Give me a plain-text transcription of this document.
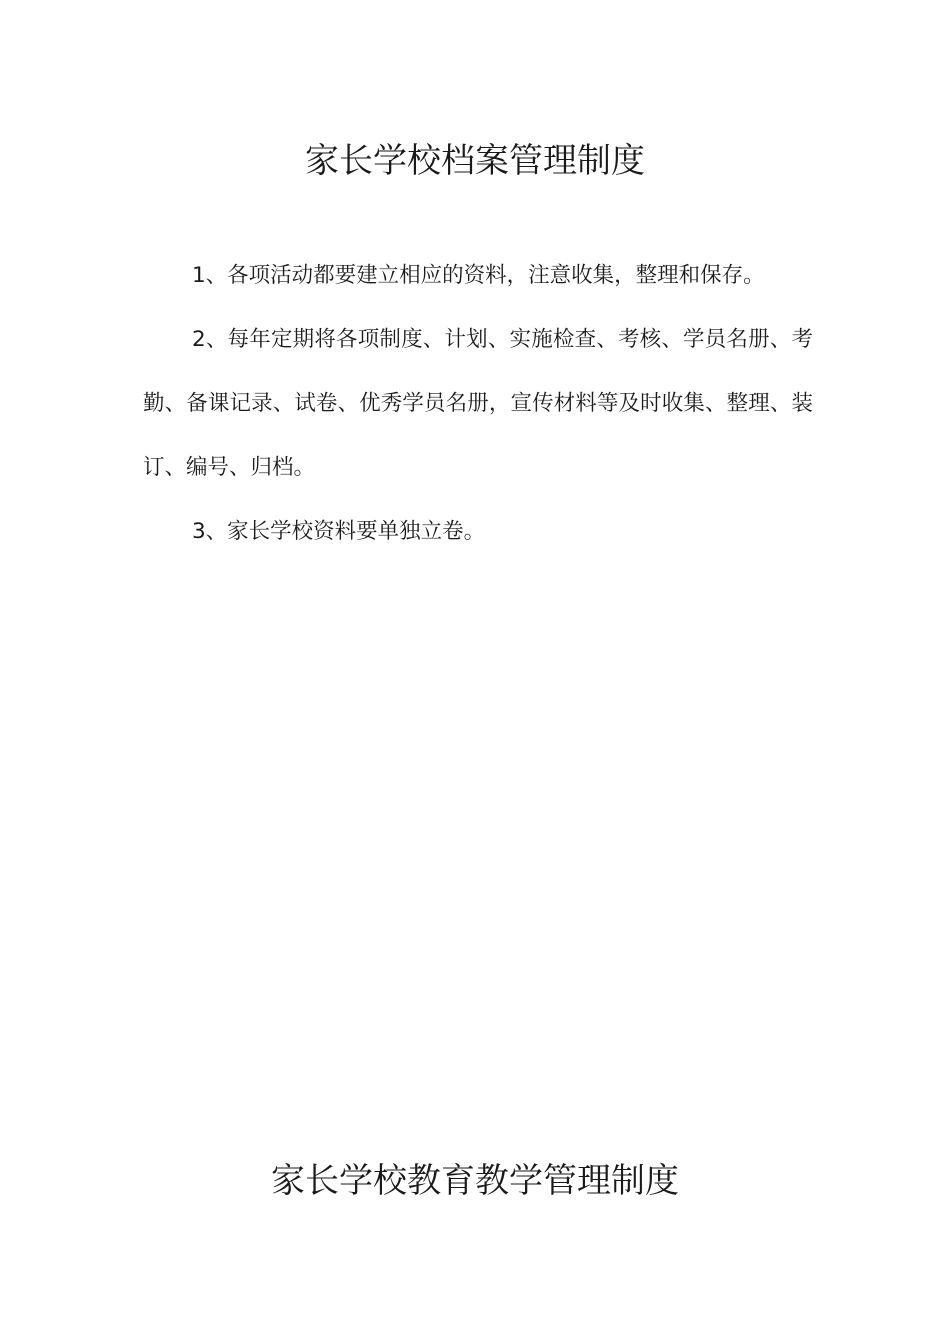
家长学校档案管理制度

1、各项活动都要建立相应的资料，注意收集，整理和保存。

2、每年定期将各项制度、计划、实施检查、考核、学员名册、考勤、备课记录、试卷、优秀学员名册，宣传材料等及时收集、整理、装订、编号、归档。

3、家长学校资料要单独立卷。

家长学校教育教学管理制度
